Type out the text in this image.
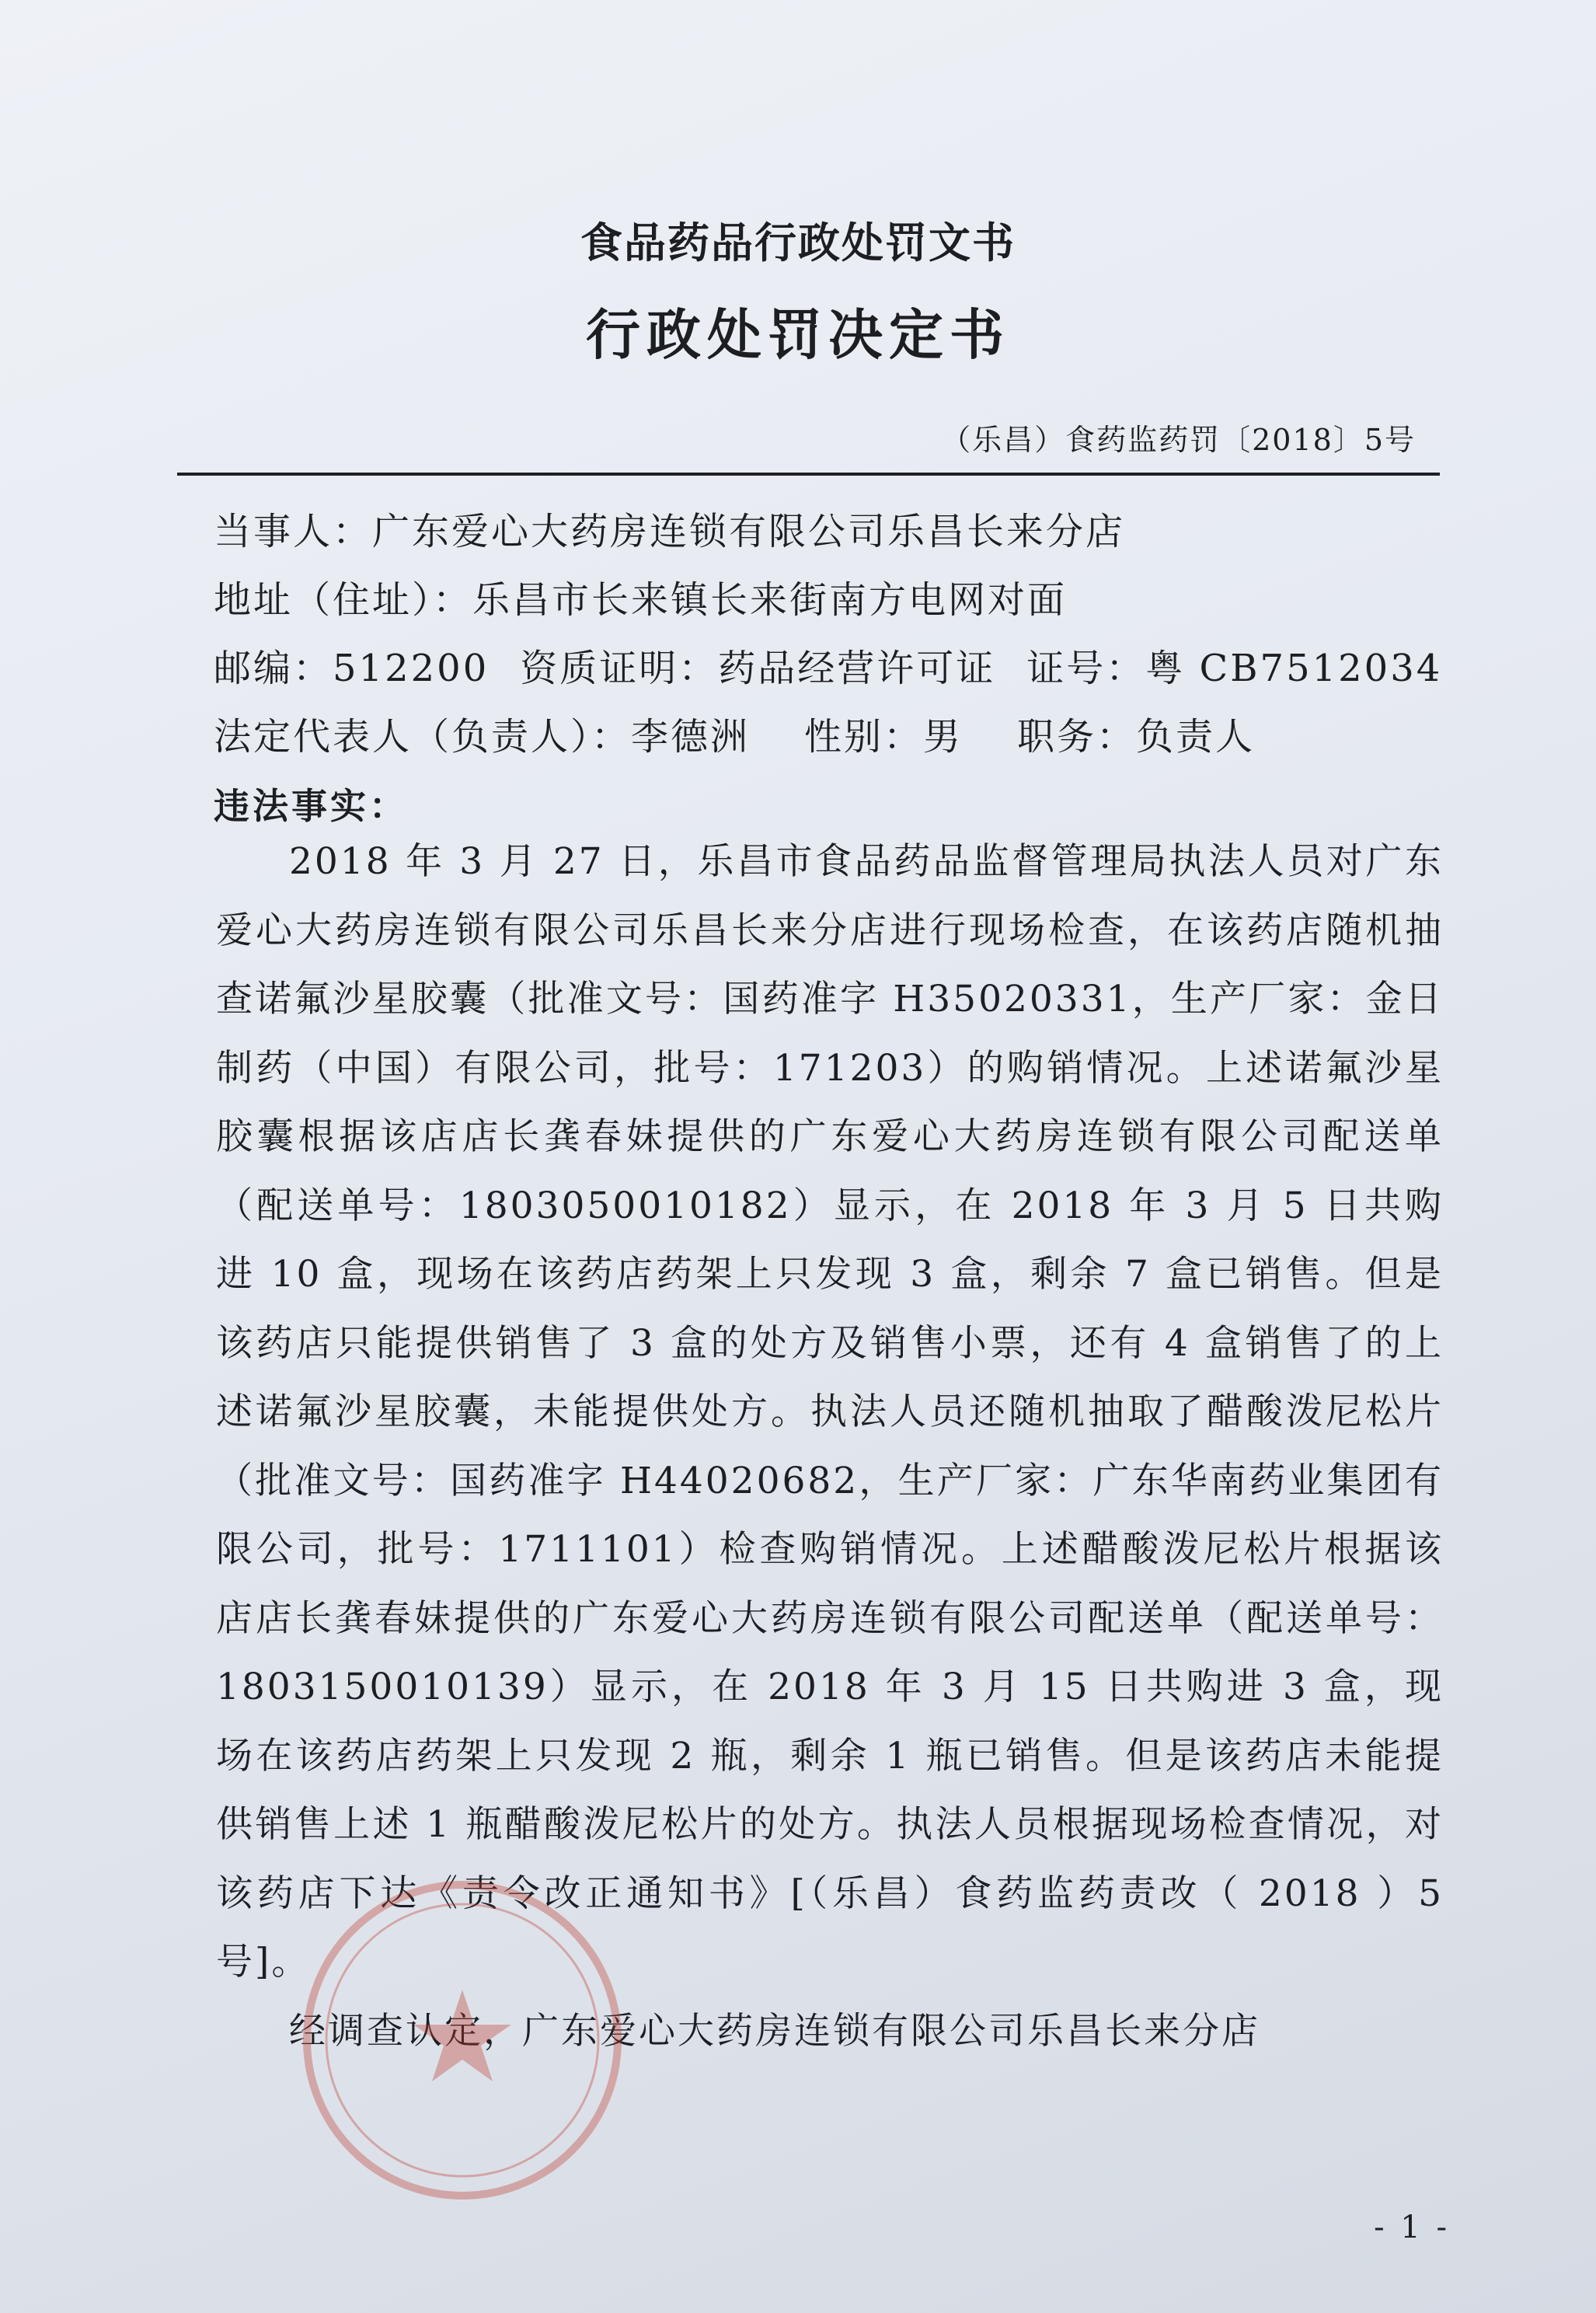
食品药品行政处罚文书
行政处罚决定书
（乐昌）食药监药罚〔2018〕5号
当事人：广东爱心大药房连锁有限公司乐昌长来分店
地址（住址）：乐昌市长来镇长来街南方电网对面
邮编：512200 资质证明：药品经营许可证 证号：粤 CB7512034
法定代表人（负责人）：李德洲 性别：男 职务：负责人
违法事实：

2018 年 3 月 27 日，乐昌市食品药品监督管理局执法人员对广东爱心大药房连锁有限公司乐昌长来分店进行现场检查，在该药店随机抽查诺氟沙星胶囊（批准文号：国药准字 H35020331，生产厂家：金日制药（中国）有限公司，批号：171203）的购销情况。上述诺氟沙星胶囊根据该店店长龚春妹提供的广东爱心大药房连锁有限公司配送单（配送单号：1803050010182）显示，在 2018 年 3 月 5 日共购进 10 盒，现场在该药店药架上只发现 3 盒，剩余 7 盒已销售。但是该药店只能提供销售了 3 盒的处方及销售小票，还有 4 盒销售了的上述诺氟沙星胶囊，未能提供处方。执法人员还随机抽取了醋酸泼尼松片（批准文号：国药准字 H44020682，生产厂家：广东华南药业集团有限公司，批号：1711101）检查购销情况。上述醋酸泼尼松片根据该店店长龚春妹提供的广东爱心大药房连锁有限公司配送单（配送单号：1803150010139）显示，在 2018 年 3 月 15 日共购进 3 盒，现场在该药店药架上只发现 2 瓶，剩余 1 瓶已销售。但是该药店未能提供销售上述 1 瓶醋酸泼尼松片的处方。执法人员根据现场检查情况，对该药店下达《责令改正通知书》[（乐昌）食药监药责改（ 2018 ）5 号]。

经调查认定，广东爱心大药房连锁有限公司乐昌长来分店

- 1 -
